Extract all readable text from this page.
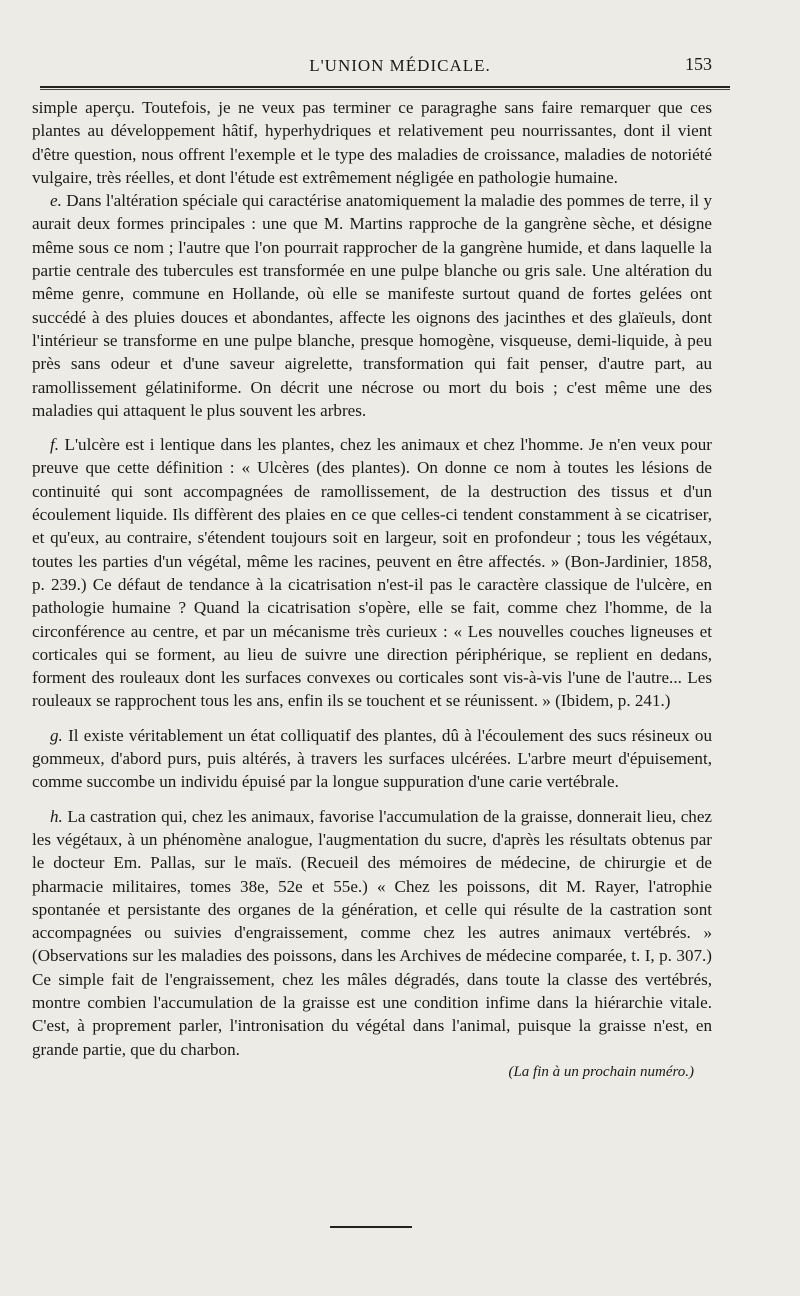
L'UNION MÉDICALE.	153

simple aperçu. Toutefois, je ne veux pas terminer ce paragraghe sans faire remarquer que ces plantes au développement hâtif, hyperhydriques et relativement peu nourrissantes, dont il vient d'être question, nous offrent l'exemple et le type des maladies de croissance, maladies de notoriété vulgaire, très réelles, et dont l'étude est extrêmement négligée en pathologie humaine.

e. Dans l'altération spéciale qui caractérise anatomiquement la maladie des pommes de terre, il y aurait deux formes principales : une que M. Martins rapproche de la gangrène sèche, et désigne même sous ce nom ; l'autre que l'on pourrait rapprocher de la gangrène humide, et dans laquelle la partie centrale des tubercules est transformée en une pulpe blanche ou gris sale. Une altération du même genre, commune en Hollande, où elle se manifeste surtout quand de fortes gelées ont succédé à des pluies douces et abondantes, affecte les oignons des jacinthes et des glaïeuls, dont l'intérieur se transforme en une pulpe blanche, presque homogène, visqueuse, demi-liquide, à peu près sans odeur et d'une saveur aigrelette, transformation qui fait penser, d'autre part, au ramollissement gélatiniforme. On décrit une nécrose ou mort du bois ; c'est même une des maladies qui attaquent le plus souvent les arbres.

f. L'ulcère est i lentique dans les plantes, chez les animaux et chez l'homme. Je n'en veux pour preuve que cette définition : « Ulcères (des plantes). On donne ce nom à toutes les lésions de continuité qui sont accompagnées de ramollissement, de la destruction des tissus et d'un écoulement liquide. Ils diffèrent des plaies en ce que celles-ci tendent constamment à se cicatriser, et qu'eux, au contraire, s'étendent toujours soit en largeur, soit en profondeur ; tous les végétaux, toutes les parties d'un végétal, même les racines, peuvent en être affectés. » (Bon-Jardinier, 1858, p. 239.) Ce défaut de tendance à la cicatrisation n'est-il pas le caractère classique de l'ulcère, en pathologie humaine ? Quand la cicatrisation s'opère, elle se fait, comme chez l'homme, de la circonférence au centre, et par un mécanisme très curieux : « Les nouvelles couches ligneuses et corticales qui se forment, au lieu de suivre une direction périphérique, se replient en dedans, forment des rouleaux dont les surfaces convexes ou corticales sont vis-à-vis l'une de l'autre... Les rouleaux se rapprochent tous les ans, enfin ils se touchent et se réunissent. » (Ibidem, p. 241.)

g. Il existe véritablement un état colliquatif des plantes, dû à l'écoulement des sucs résineux ou gommeux, d'abord purs, puis altérés, à travers les surfaces ulcérées. L'arbre meurt d'épuisement, comme succombe un individu épuisé par la longue suppuration d'une carie vertébrale.

h. La castration qui, chez les animaux, favorise l'accumulation de la graisse, donnerait lieu, chez les végétaux, à un phénomène analogue, l'augmentation du sucre, d'après les résultats obtenus par le docteur Em. Pallas, sur le maïs. (Recueil des mémoires de médecine, de chirurgie et de pharmacie militaires, tomes 38e, 52e et 55e.) « Chez les poissons, dit M. Rayer, l'atrophie spontanée et persistante des organes de la génération, et celle qui résulte de la castration sont accompagnées ou suivies d'engraissement, comme chez les autres animaux vertébrés. » (Observations sur les maladies des poissons, dans les Archives de médecine comparée, t. I, p. 307.) Ce simple fait de l'engraissement, chez les mâles dégradés, dans toute la classe des vertébrés, montre combien l'accumulation de la graisse est une condition infime dans la hiérarchie vitale. C'est, à proprement parler, l'intronisation du végétal dans l'animal, puisque la graisse n'est, en grande partie, que du charbon.

(La fin à un prochain numéro.)
